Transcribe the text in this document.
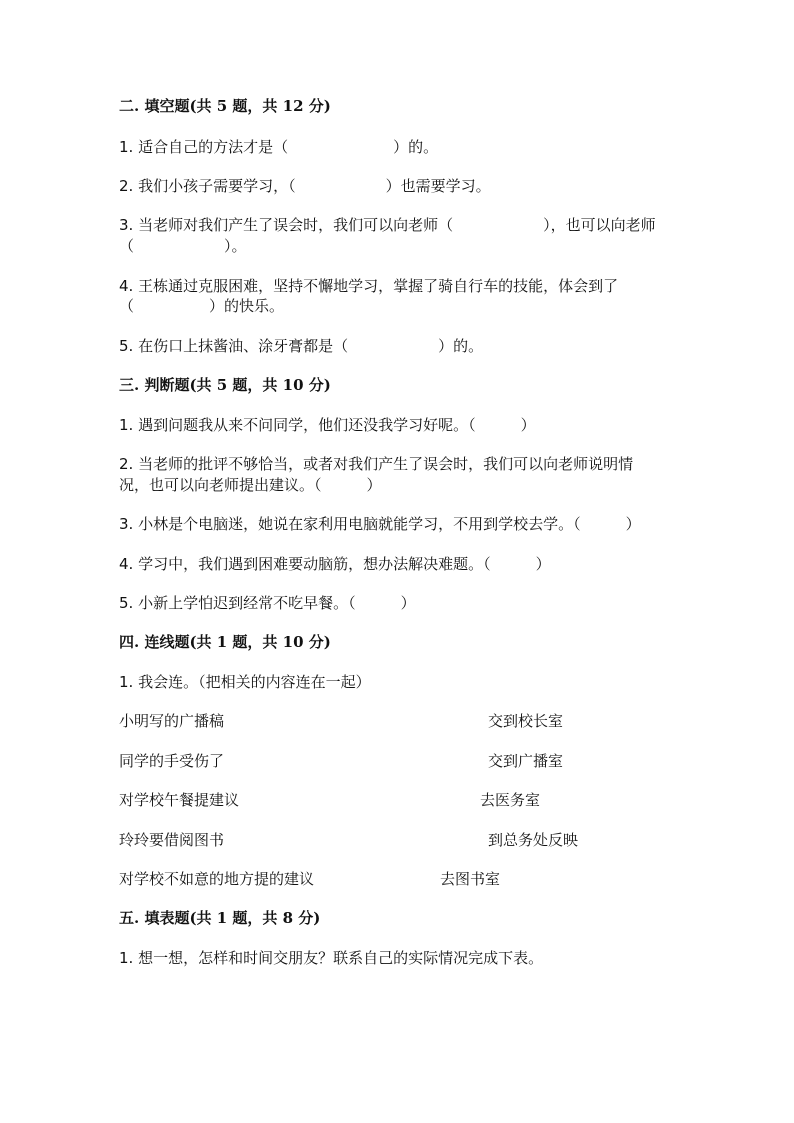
二. 填空题(共 5 题，共 12 分)
1. 适合自己的方法才是（　　　　　　　）的。
2. 我们小孩子需要学习，（　　　　　　）也需要学习。
3. 当老师对我们产生了误会时，我们可以向老师（　　　　　　），也可以向老师
（　　　　　　）。
4. 王栋通过克服困难，坚持不懈地学习，掌握了骑自行车的技能，体会到了
（　　　　　）的快乐。
5. 在伤口上抹酱油、涂牙膏都是（　　　　　　）的。
三. 判断题(共 5 题，共 10 分)
1. 遇到问题我从来不问同学，他们还没我学习好呢。（　　　）
2. 当老师的批评不够恰当，或者对我们产生了误会时，我们可以向老师说明情
况，也可以向老师提出建议。（　　　）
3. 小林是个电脑迷，她说在家利用电脑就能学习，不用到学校去学。（　　　）
4. 学习中，我们遇到困难要动脑筋，想办法解决难题。（　　　）
5. 小新上学怕迟到经常不吃早餐。（　　　）
四. 连线题(共 1 题，共 10 分)
1. 我会连。（把相关的内容连在一起）
小明写的广播稿	交到校长室
同学的手受伤了	交到广播室
对学校午餐提建议	去医务室
玲玲要借阅图书	到总务处反映
对学校不如意的地方提的建议	去图书室
五. 填表题(共 1 题，共 8 分)
1. 想一想，怎样和时间交朋友？联系自己的实际情况完成下表。
